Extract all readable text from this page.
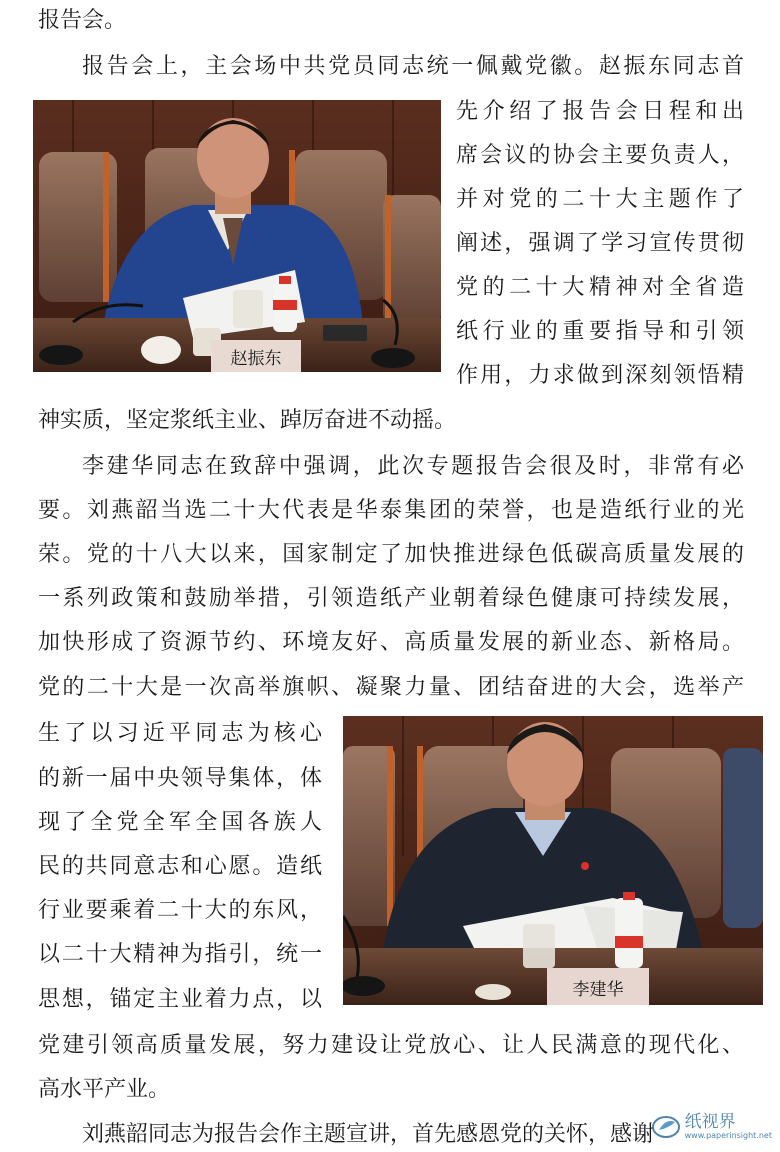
报告会。
报告会上，主会场中共党员同志统一佩戴党徽。赵振东同志首
先介绍了报告会日程和出
席会议的协会主要负责人，
并对党的二十大主题作了
阐述，强调了学习宣传贯彻
党的二十大精神对全省造
纸行业的重要指导和引领
作用，力求做到深刻领悟精
神实质，坚定浆纸主业、踔厉奋进不动摇。
李建华同志在致辞中强调，此次专题报告会很及时，非常有必
要。刘燕韶当选二十大代表是华泰集团的荣誉，也是造纸行业的光
荣。党的十八大以来，国家制定了加快推进绿色低碳高质量发展的
一系列政策和鼓励举措，引领造纸产业朝着绿色健康可持续发展，
加快形成了资源节约、环境友好、高质量发展的新业态、新格局。
党的二十大是一次高举旗帜、凝聚力量、团结奋进的大会，选举产
生了以习近平同志为核心
的新一届中央领导集体，体
现了全党全军全国各族人
民的共同意志和心愿。造纸
行业要乘着二十大的东风，
以二十大精神为指引，统一
思想，锚定主业着力点，以
党建引领高质量发展，努力建设让党放心、让人民满意的现代化、
高水平产业。
刘燕韶同志为报告会作主题宣讲，首先感恩党的关怀，感谢
赵振东
李建华
纸视界
www.paperinsight.net
